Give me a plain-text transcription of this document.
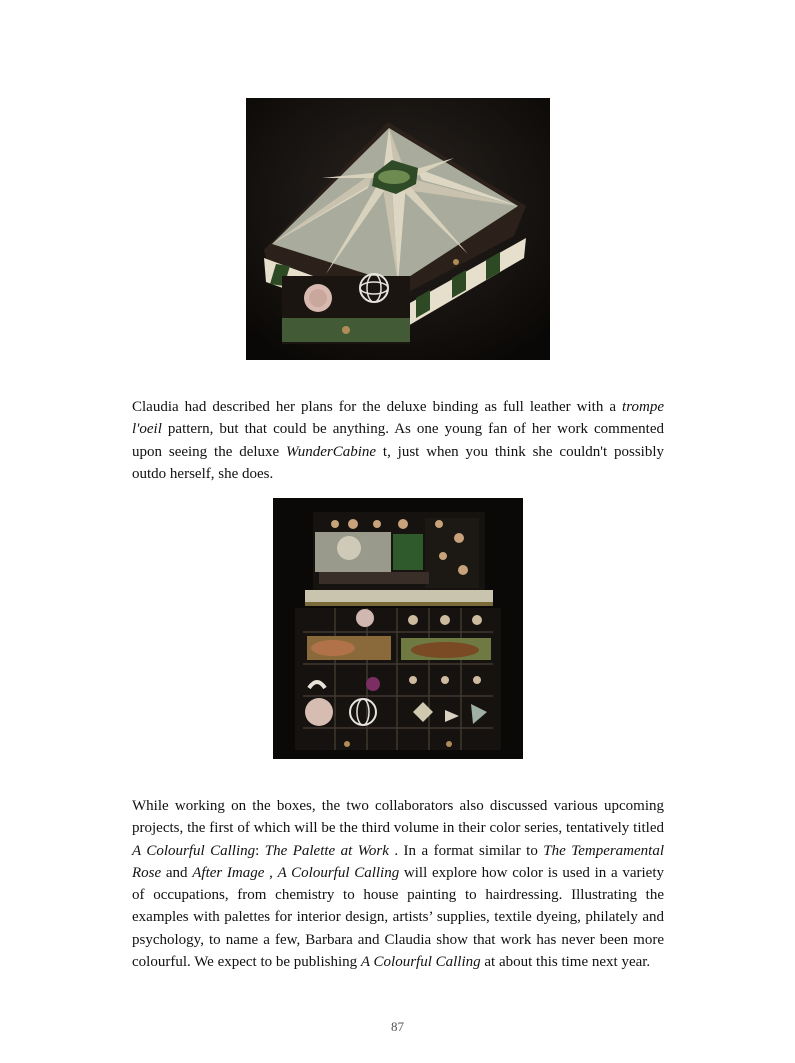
Claudia had described her plans for the deluxe binding as full leather with a trompe l'oeil pattern, but that could be anything. As one young fan of her work commented upon seeing the deluxe WunderCabine t, just when you think she couldn't possibly outdo herself, she does.

While working on the boxes, the two collaborators also discussed various upcoming projects, the first of which will be the third volume in their color series, tentatively titled A Colourful Calling: The Palette at Work . In a format similar to The Temperamental Rose and After Image , A Colourful Calling will explore how color is used in a variety of occupations, from chemistry to house painting to hairdressing. Illustrating the examples with palettes for interior design, artists’ supplies, textile dyeing, philately and psychology, to name a few, Barbara and Claudia show that work has never been more colourful. We expect to be publishing A Colourful Calling at about this time next year.

87
